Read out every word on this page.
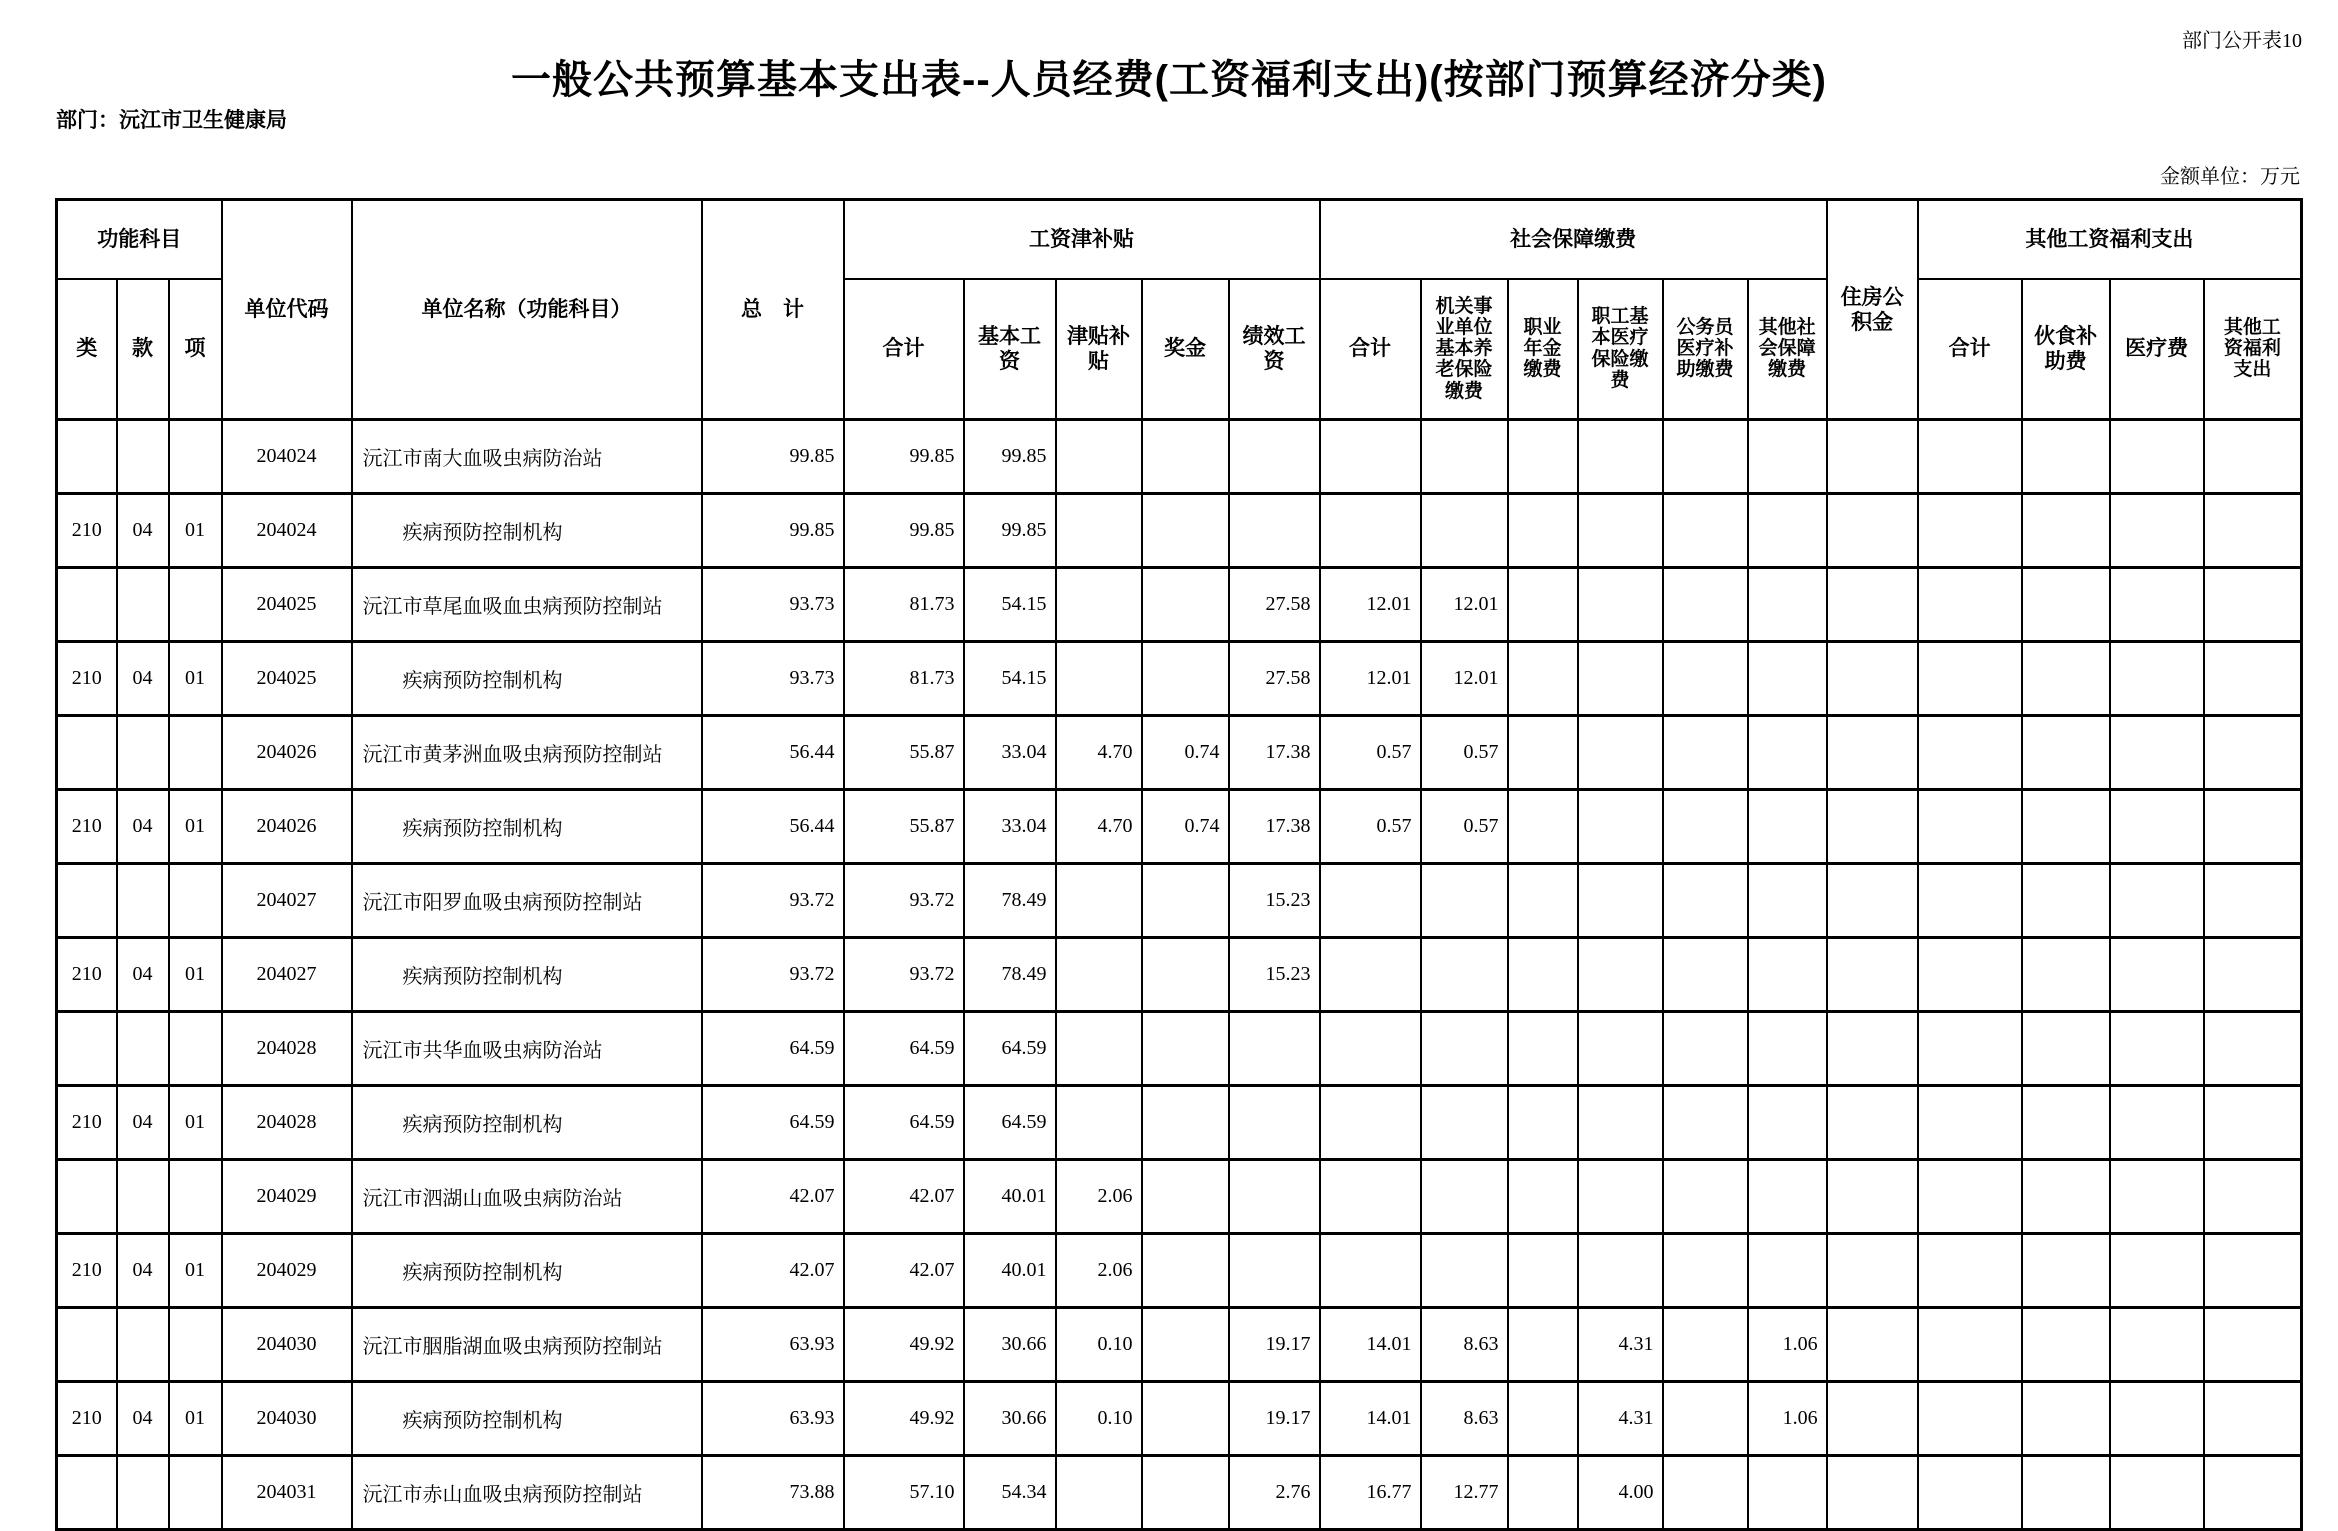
部门公开表10
一般公共预算基本支出表--人员经费(工资福利支出)(按部门预算经济分类)
部门：沅江市卫生健康局
金额单位：万元
功能科目			单位代码	单位名称（功能科目）	总　计	工资津补贴					社会保障缴费						住房公积金	其他工资福利支出			
类	款	项				合计	基本工资	津贴补贴	奖金	绩效工资	合计	机关事业单位基本养老保险缴费	职业年金缴费	职工基本医疗保险缴费	公务员医疗补助缴费	其他社会保障缴费		合计	伙食补助费	医疗费	其他工资福利支出
			204024	沅江市南大血吸虫病防治站	99.85	99.85	99.85														
210	04	01	204024	　　疾病预防控制机构	99.85	99.85	99.85														
			204025	沅江市草尾血吸血虫病预防控制站	93.73	81.73	54.15			27.58	12.01	12.01									
210	04	01	204025	　　疾病预防控制机构	93.73	81.73	54.15			27.58	12.01	12.01									
			204026	沅江市黄茅洲血吸虫病预防控制站	56.44	55.87	33.04	4.70	0.74	17.38	0.57	0.57									
210	04	01	204026	　　疾病预防控制机构	56.44	55.87	33.04	4.70	0.74	17.38	0.57	0.57									
			204027	沅江市阳罗血吸虫病预防控制站	93.72	93.72	78.49			15.23											
210	04	01	204027	　　疾病预防控制机构	93.72	93.72	78.49			15.23											
			204028	沅江市共华血吸虫病防治站	64.59	64.59	64.59														
210	04	01	204028	　　疾病预防控制机构	64.59	64.59	64.59														
			204029	沅江市泗湖山血吸虫病防治站	42.07	42.07	40.01	2.06													
210	04	01	204029	　　疾病预防控制机构	42.07	42.07	40.01	2.06													
			204030	沅江市胭脂湖血吸虫病预防控制站	63.93	49.92	30.66	0.10		19.17	14.01	8.63		4.31		1.06					
210	04	01	204030	　　疾病预防控制机构	63.93	49.92	30.66	0.10		19.17	14.01	8.63		4.31		1.06					
			204031	沅江市赤山血吸虫病预防控制站	73.88	57.10	54.34			2.76	16.77	12.77		4.00							
